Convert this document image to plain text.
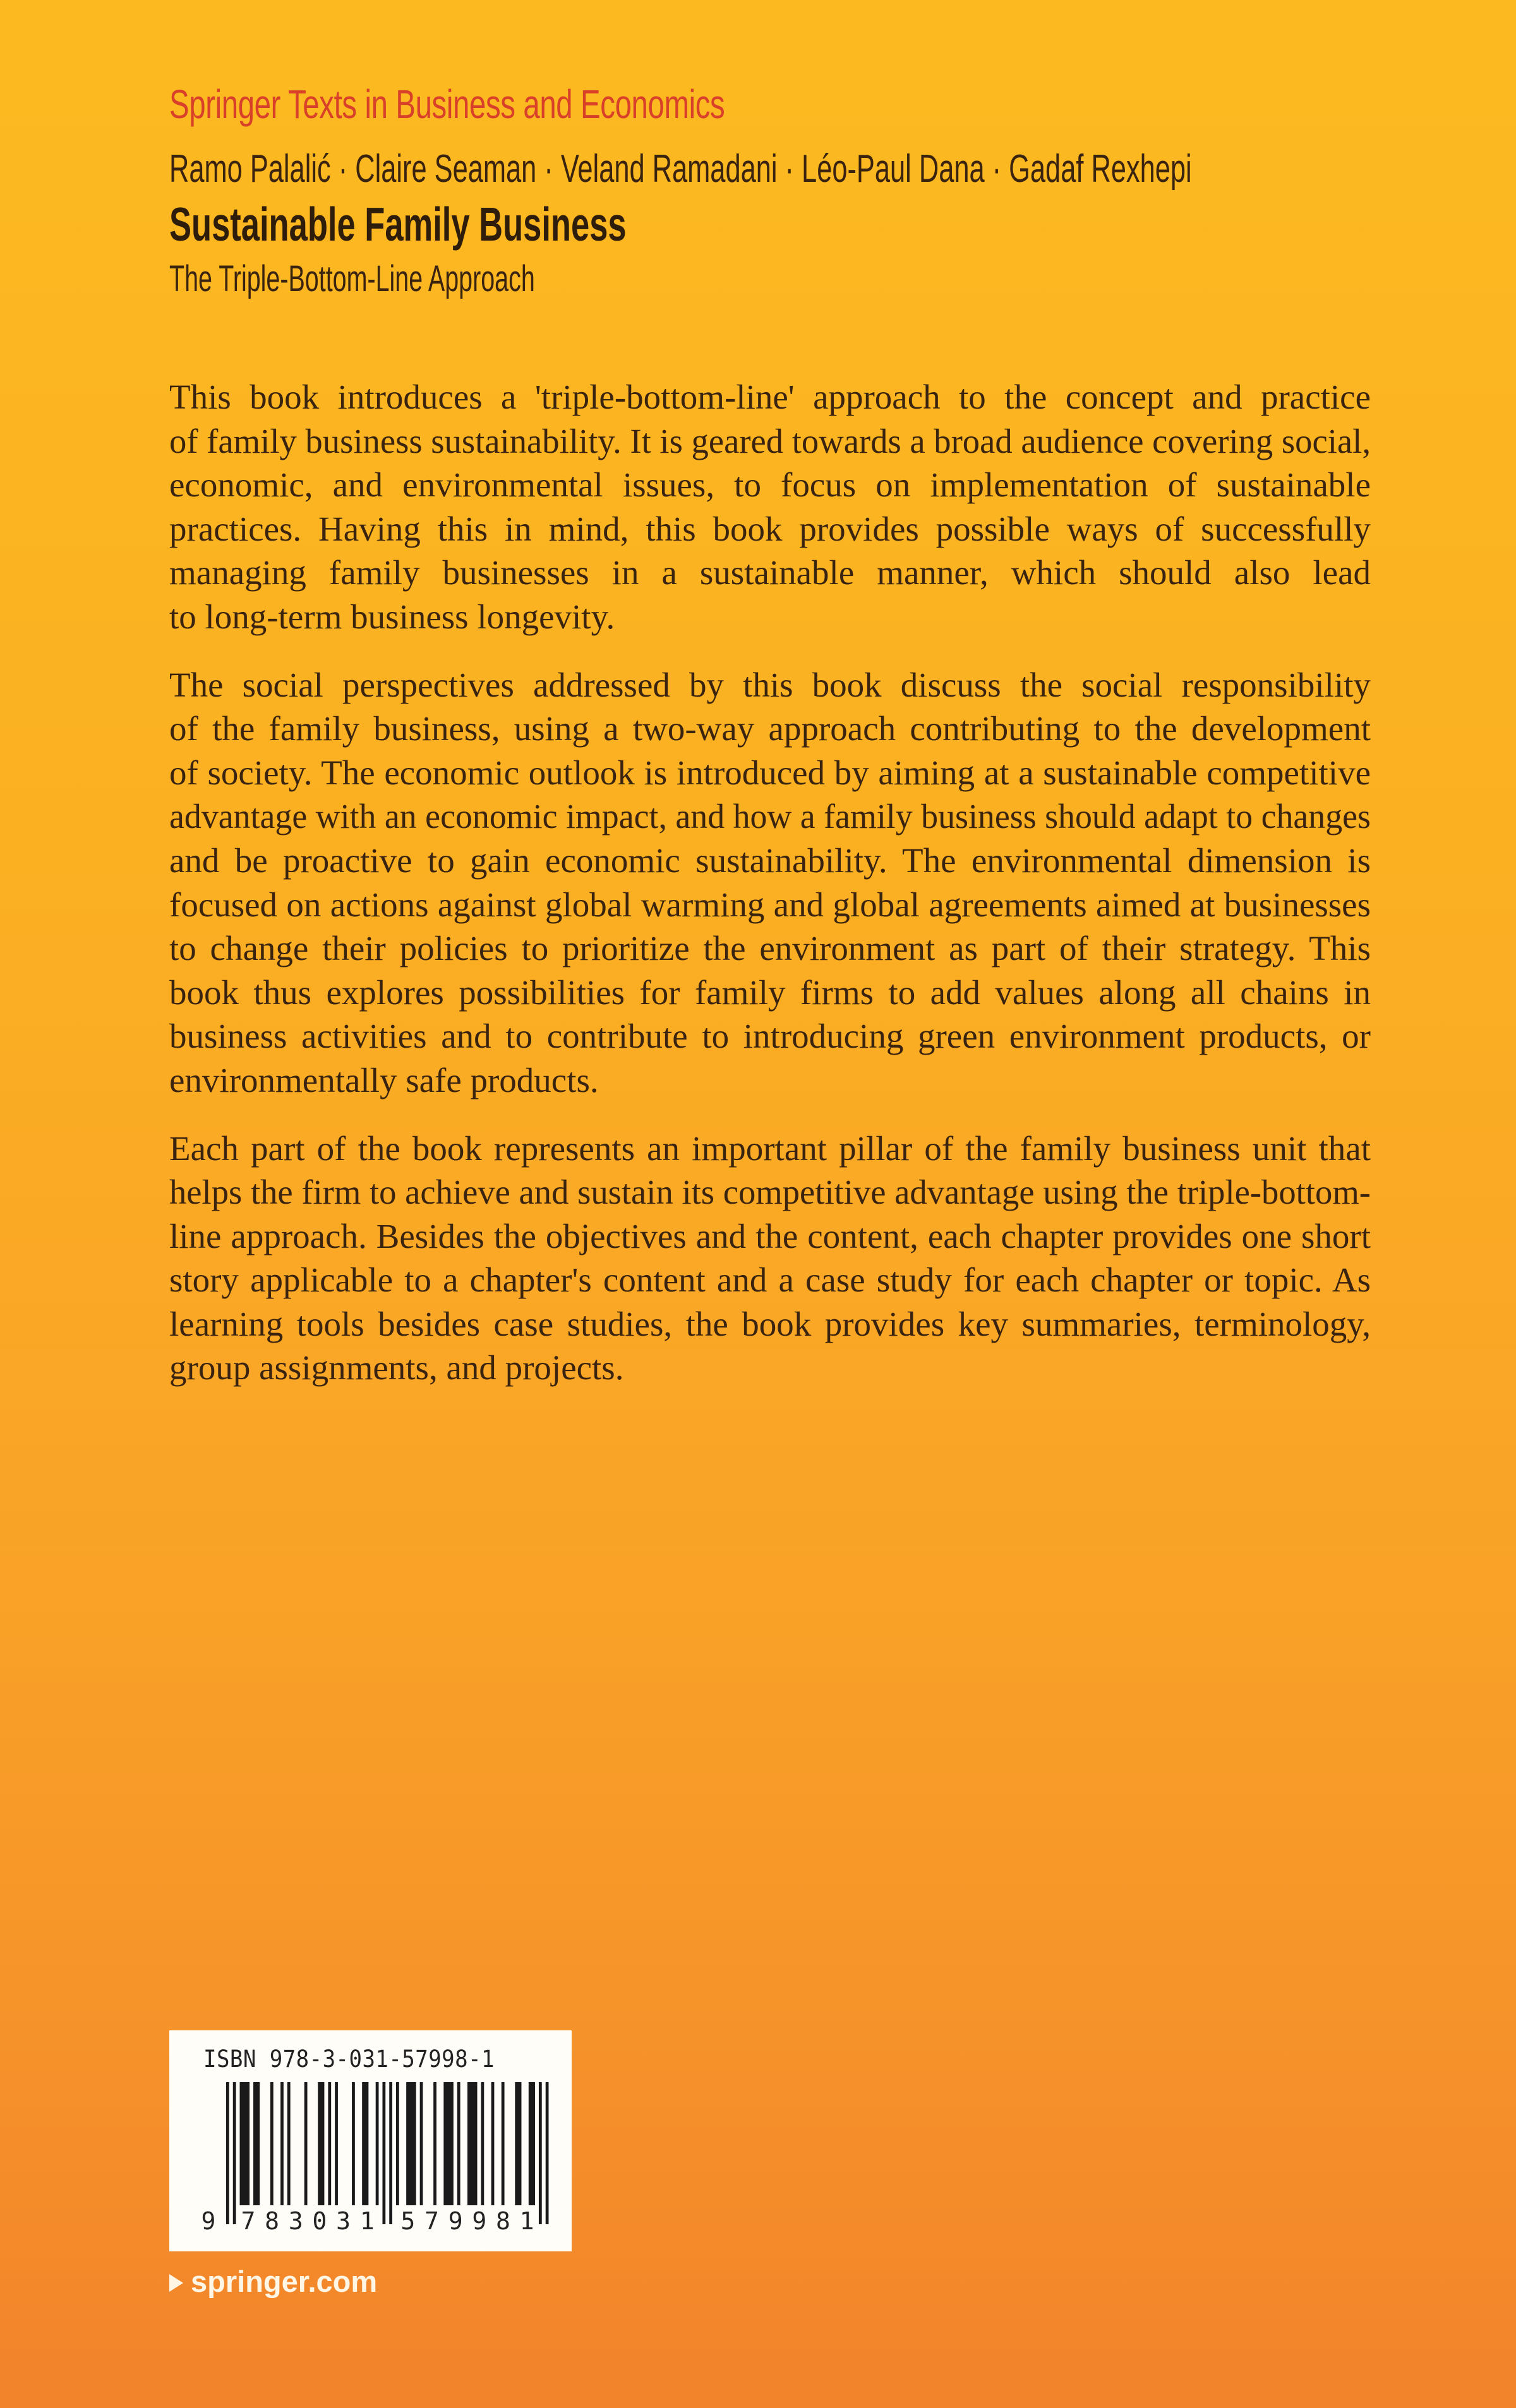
Springer Texts in Business and Economics
Ramo Palalić · Claire Seaman · Veland Ramadani · Léo-Paul Dana · Gadaf Rexhepi
Sustainable Family Business
The Triple-Bottom-Line Approach
This book introduces a 'triple-bottom-line' approach to the concept and practice
of family business sustainability. It is geared towards a broad audience covering social,
economic, and environmental issues, to focus on implementation of sustainable
practices. Having this in mind, this book provides possible ways of successfully
managing family businesses in a sustainable manner, which should also lead
to long-term business longevity.
The social perspectives addressed by this book discuss the social responsibility
of the family business, using a two-way approach contributing to the development
of society. The economic outlook is introduced by aiming at a sustainable competitive
advantage with an economic impact, and how a family business should adapt to changes
and be proactive to gain economic sustainability. The environmental dimension is
focused on actions against global warming and global agreements aimed at businesses
to change their policies to prioritize the environment as part of their strategy. This
book thus explores possibilities for family firms to add values along all chains in
business activities and to contribute to introducing green environment products, or
environmentally safe products.
Each part of the book represents an important pillar of the family business unit that
helps the firm to achieve and sustain its competitive advantage using the triple-bottom-
line approach. Besides the objectives and the content, each chapter provides one short
story applicable to a chapter's content and a case study for each chapter or topic. As
learning tools besides case studies, the book provides key summaries, terminology,
group assignments, and projects.
ISBN 978-3-031-57998-1
9 7 8 3 0 3 1 5 7 9 9 8 1
springer.com
